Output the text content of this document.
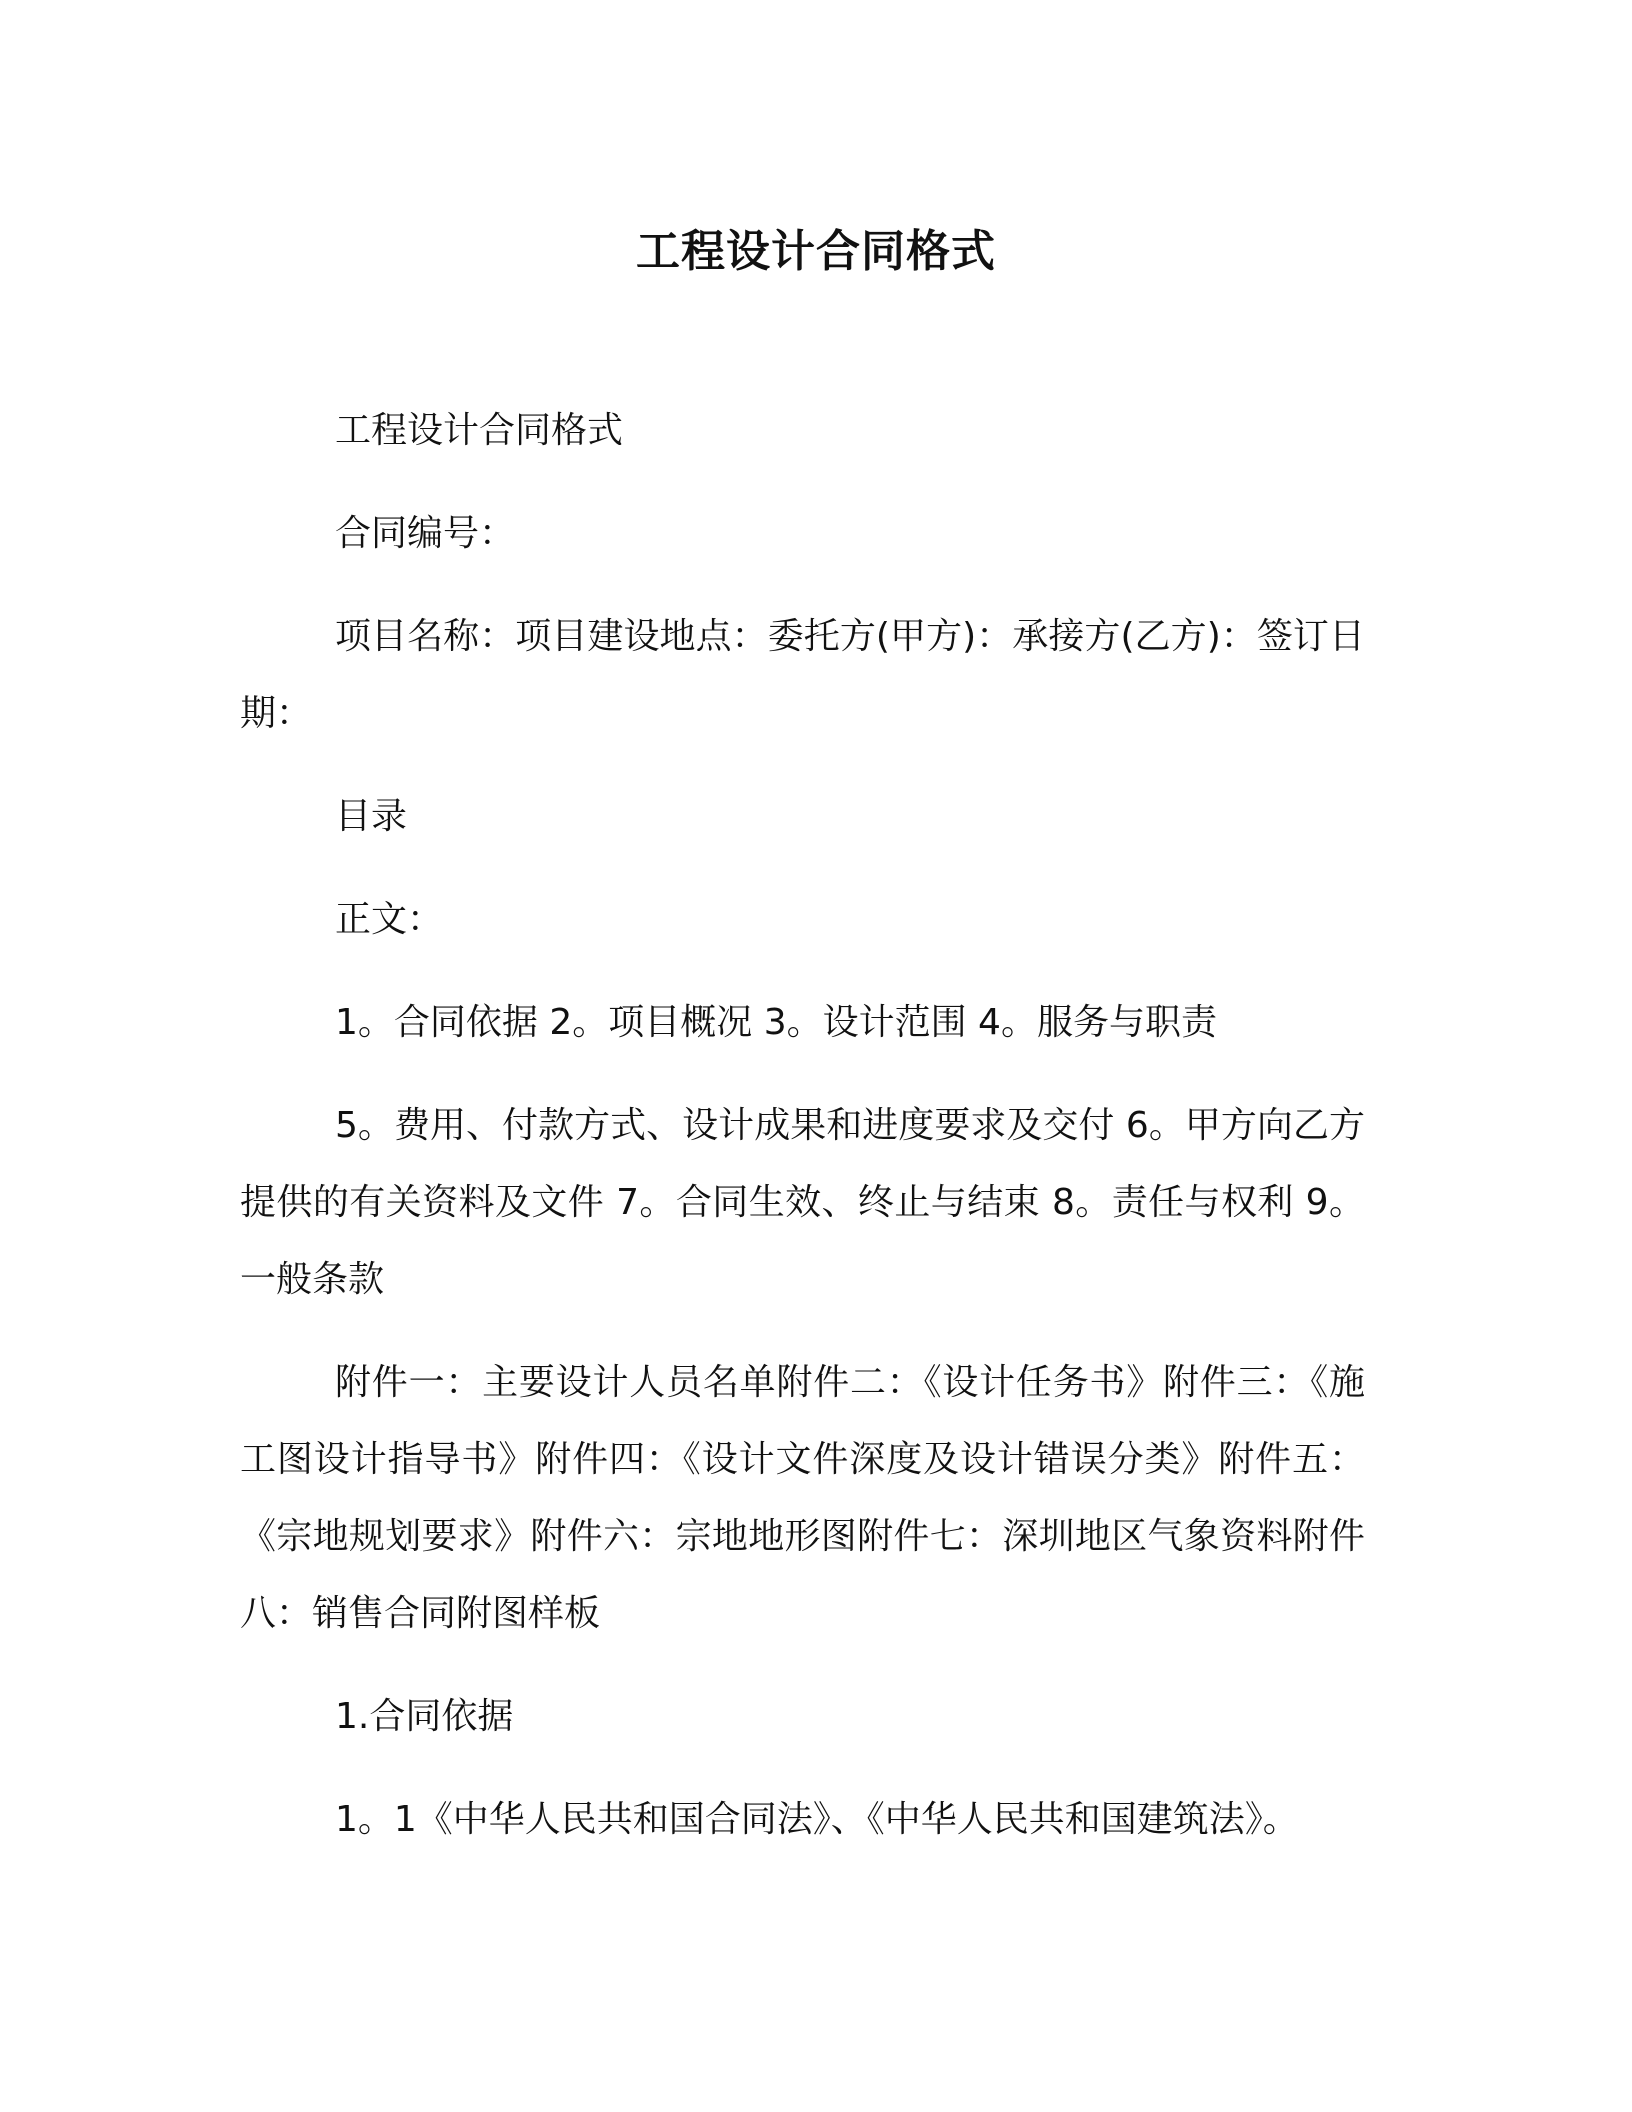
工程设计合同格式

工程设计合同格式

合同编号：

项目名称：项目建设地点：委托方(甲方)：承接方(乙方)：签订日期：

目录

正文：

1。合同依据 2。项目概况 3。设计范围 4。服务与职责

5。费用、付款方式、设计成果和进度要求及交付 6。甲方向乙方提供的有关资料及文件 7。合同生效、终止与结束 8。责任与权利 9。一般条款

附件一：主要设计人员名单附件二：《设计任务书》附件三：《施工图设计指导书》附件四：《设计文件深度及设计错误分类》附件五：《宗地规划要求》附件六：宗地地形图附件七：深圳地区气象资料附件八：销售合同附图样板

1.合同依据

1。1《中华人民共和国合同法》、《中华人民共和国建筑法》。
